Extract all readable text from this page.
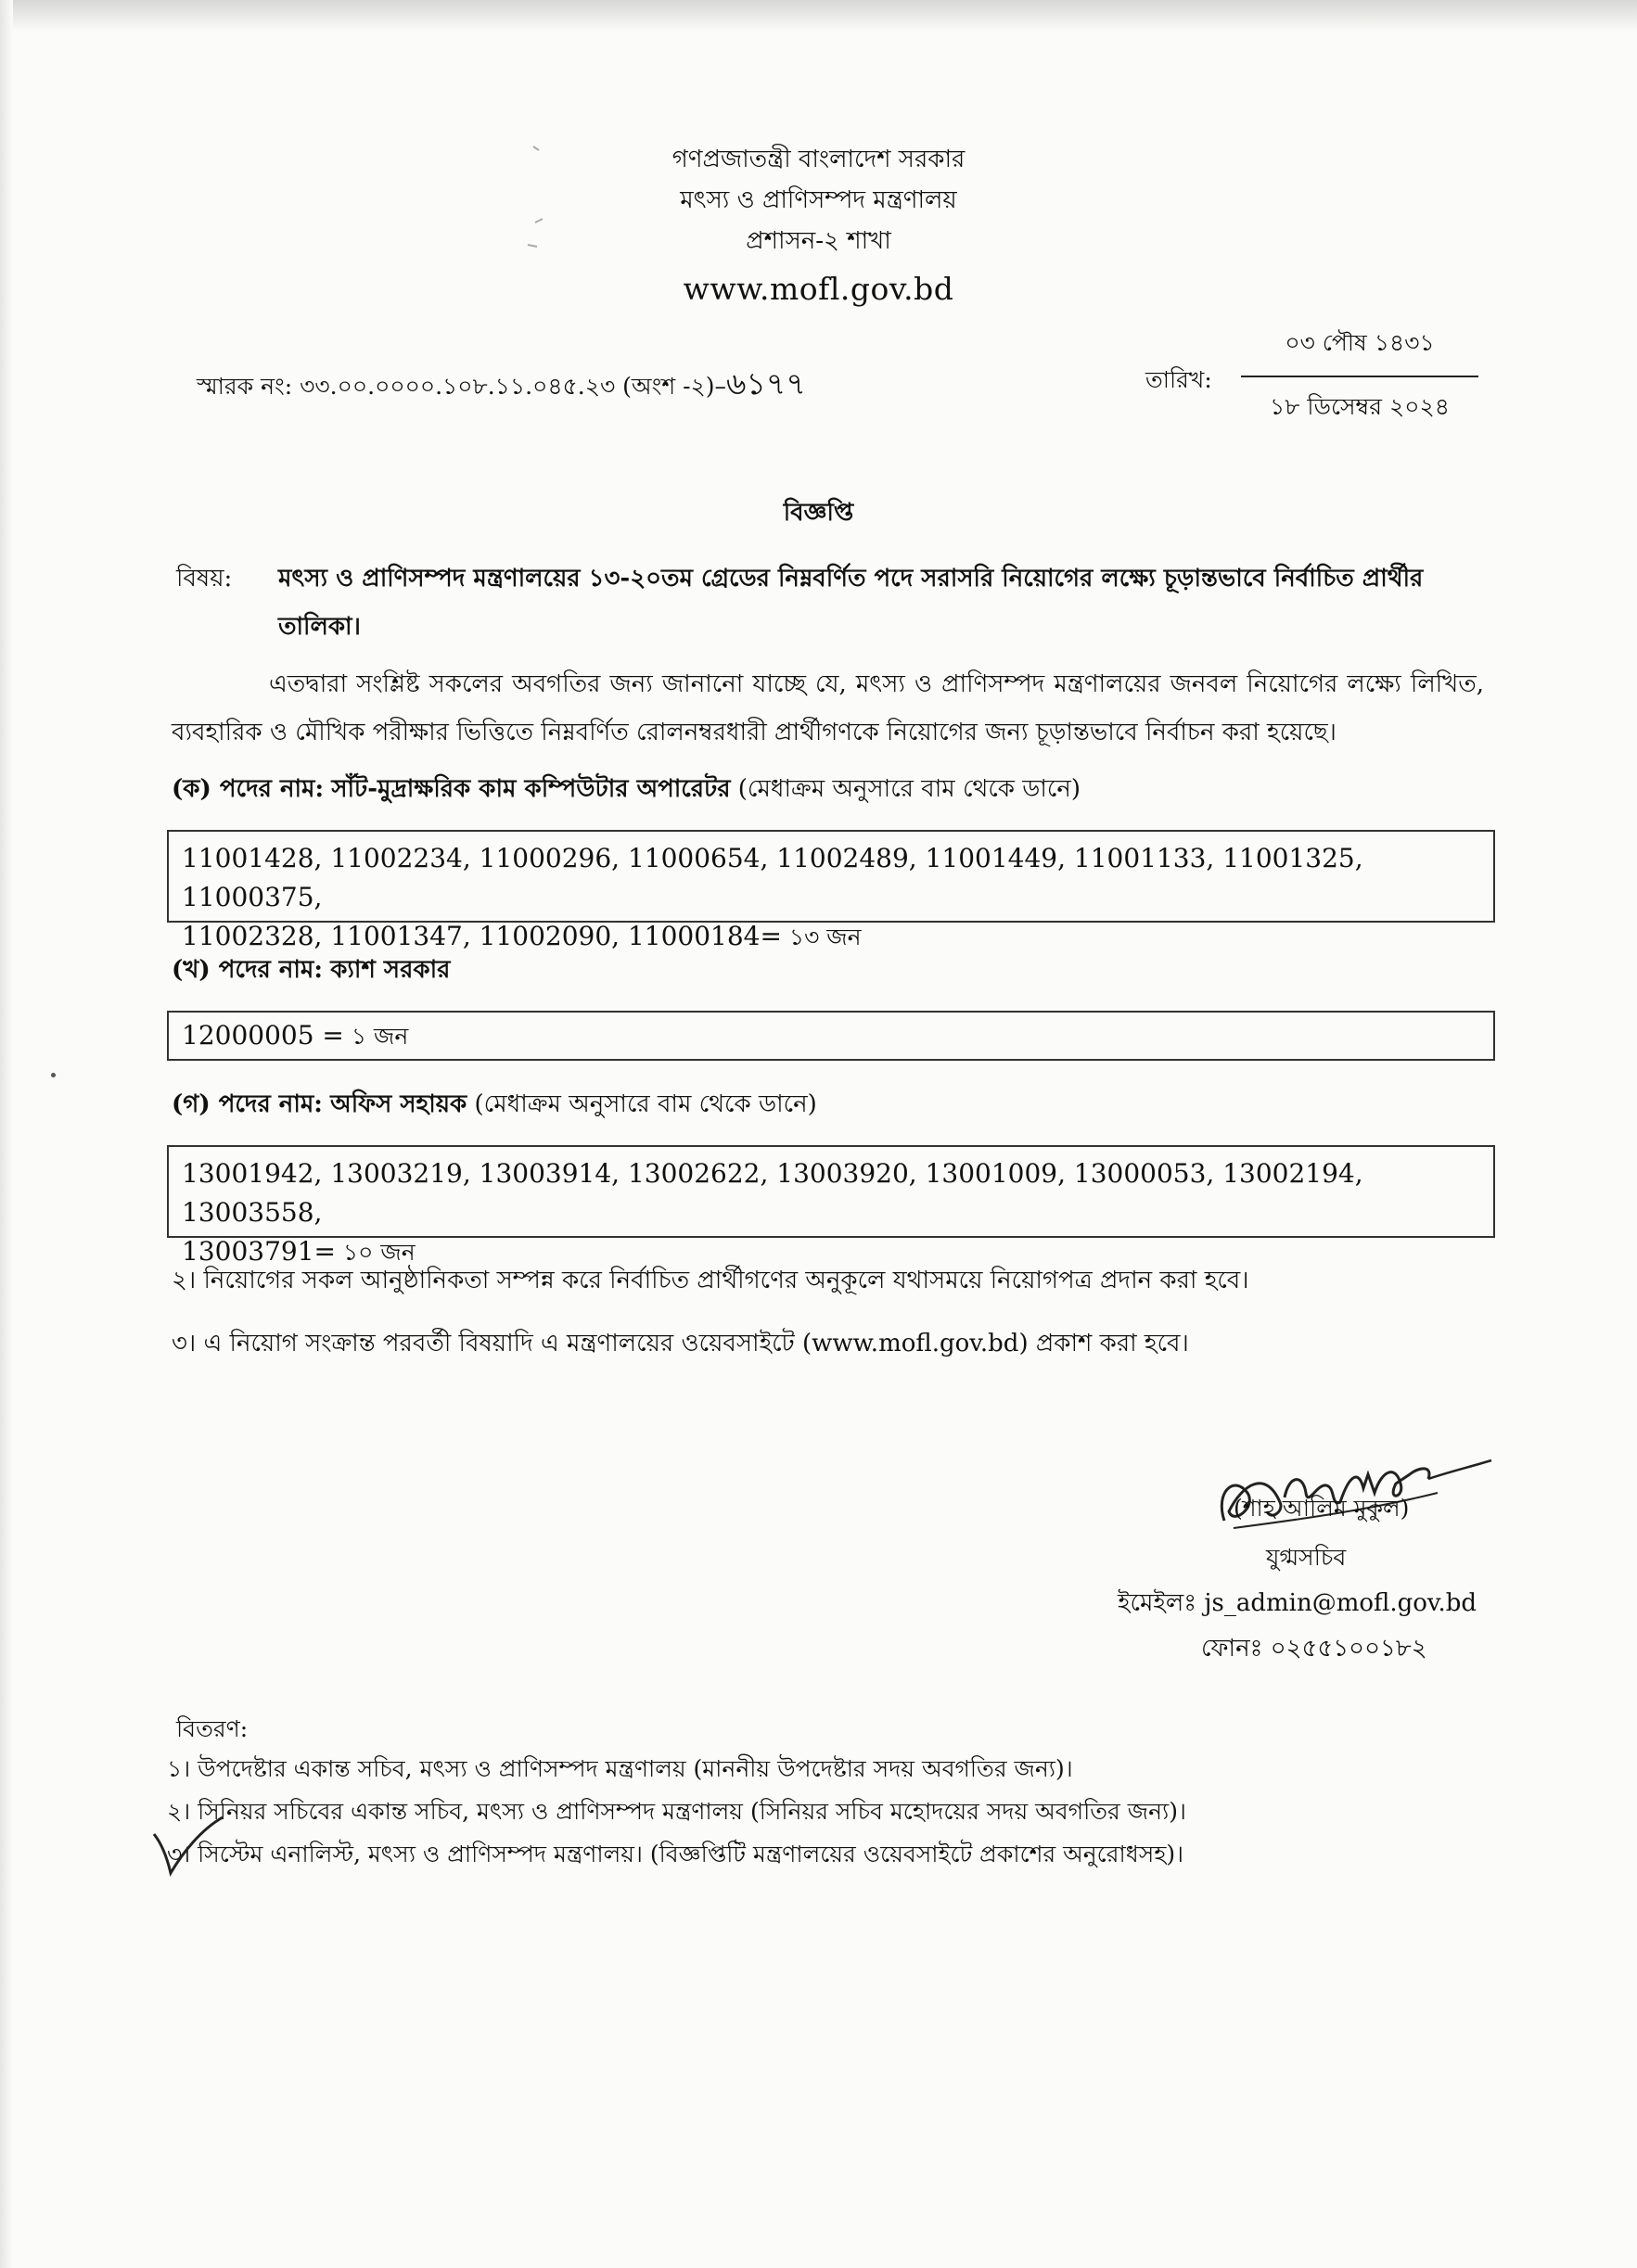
গণপ্রজাতন্ত্রী বাংলাদেশ সরকার
মৎস্য ও প্রাণিসম্পদ মন্ত্রণালয়
প্রশাসন-২ শাখা
www.mofl.gov.bd
স্মারক নং: ৩৩.০০.০০০০.১০৮.১১.০৪৫.২৩ (অংশ -২)–৬১৭৭	তারিখ:
০৩ পৌষ ১৪৩১
১৮ ডিসেম্বর ২০২৪
বিজ্ঞপ্তি
বিষয়: মৎস্য ও প্রাণিসম্পদ মন্ত্রণালয়ের ১৩-২০তম গ্রেডের নিম্নবর্ণিত পদে সরাসরি নিয়োগের লক্ষ্যে চূড়ান্তভাবে নির্বাচিত প্রার্থীর তালিকা।
এতদ্বারা সংশ্লিষ্ট সকলের অবগতির জন্য জানানো যাচ্ছে যে, মৎস্য ও প্রাণিসম্পদ মন্ত্রণালয়ের জনবল নিয়োগের লক্ষ্যে লিখিত, ব্যবহারিক ও মৌখিক পরীক্ষার ভিত্তিতে নিম্নবর্ণিত রোলনম্বরধারী প্রার্থীগণকে নিয়োগের জন্য চূড়ান্তভাবে নির্বাচন করা হয়েছে।
(ক) পদের নাম: সাঁট-মুদ্রাক্ষরিক কাম কম্পিউটার অপারেটর (মেধাক্রম অনুসারে বাম থেকে ডানে)
11001428, 11002234, 11000296, 11000654, 11002489, 11001449, 11001133, 11001325, 11000375,
11002328, 11001347, 11002090, 11000184= ১৩ জন
(খ) পদের নাম: ক্যাশ সরকার
12000005 = ১ জন
(গ) পদের নাম: অফিস সহায়ক (মেধাক্রম অনুসারে বাম থেকে ডানে)
13001942, 13003219, 13003914, 13002622, 13003920, 13001009, 13000053, 13002194, 13003558,
13003791= ১০ জন
২। নিয়োগের সকল আনুষ্ঠানিকতা সম্পন্ন করে নির্বাচিত প্রার্থীগণের অনুকূলে যথাসময়ে নিয়োগপত্র প্রদান করা হবে।
৩। এ নিয়োগ সংক্রান্ত পরবর্তী বিষয়াদি এ মন্ত্রণালয়ের ওয়েবসাইটে (www.mofl.gov.bd) প্রকাশ করা হবে।
(শাহ আলিম মুকুল)
যুগ্মসচিব
ইমেইলঃ js_admin@mofl.gov.bd
ফোনঃ ০২৫৫১০০১৮২
বিতরণ:
১। উপদেষ্টার একান্ত সচিব, মৎস্য ও প্রাণিসম্পদ মন্ত্রণালয় (মাননীয় উপদেষ্টার সদয় অবগতির জন্য)।
২। সিনিয়র সচিবের একান্ত সচিব, মৎস্য ও প্রাণিসম্পদ মন্ত্রণালয় (সিনিয়র সচিব মহোদয়ের সদয় অবগতির জন্য)।
৩। সিস্টেম এনালিস্ট, মৎস্য ও প্রাণিসম্পদ মন্ত্রণালয়। (বিজ্ঞপ্তিটি মন্ত্রণালয়ের ওয়েবসাইটে প্রকাশের অনুরোধসহ)।
